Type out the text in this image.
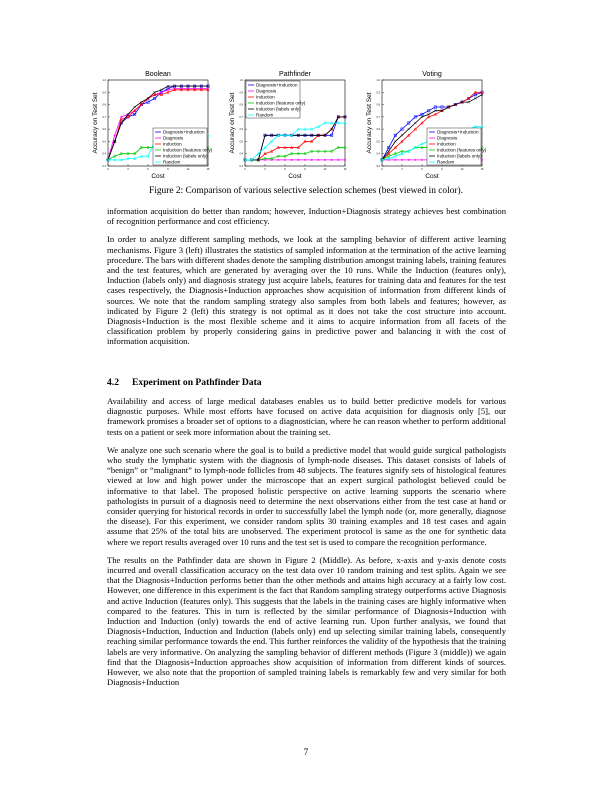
Boolean
0.3
0.4
0.5
0.6
0.7
0.8
0.9
1.0
0	3	6	9	12	15
Cost
Accuracy on Test Set	Diagnosis+Induction
Diagnosis
Induction
Induction (features only)
Induction (labels only)
Random
Pathfinder
0.3
0.4
0.5
0.6
0.7
0.8
0.9
1.0
0	3	6	9	12	15
Cost
Accuracy on Test Set
Diagnosis+Induction
Diagnosis
Induction
Induction (features only)
Induction (labels only)
Random
Voting
0.3
0.4
0.5
0.6
0.7
0.8
0.9
1.0
0	3	6	9	12	15
Cost
Accuracy on Test Set	Diagnosis+Induction
Diagnosis
Induction
Induction (features only)
Induction (labels only)
Random
Figure 2: Comparison of various selective selection schemes (best viewed in color).

information acquisition do better than random; however, Induction+Diagnosis strategy achieves best combination of recognition performance and cost efficiency.

In order to analyze different sampling methods, we look at the sampling behavior of different active learning mechanisms. Figure 3 (left) illustrates the statistics of sampled information at the termination of the active learning procedure. The bars with different shades denote the sampling distribution amongst training labels, training features and the test features, which are generated by averaging over the 10 runs. While the Induction (features only), Induction (labels only) and diagnosis strategy just acquire labels, features for training data and features for the test cases respectively, the Diagnosis+Induction approaches show acquisition of information from different kinds of sources. We note that the random sampling strategy also samples from both labels and features; however, as indicated by Figure 2 (left) this strategy is not optimal as it does not take the cost structure into account. Diagnosis+Induction is the most flexible scheme and it aims to acquire information from all facets of the classification problem by properly considering gains in predictive power and balancing it with the cost of information acquisition.

4.2 Experiment on Pathfinder Data

Availability and access of large medical databases enables us to build better predictive models for various diagnostic purposes. While most efforts have focused on active data acquisition for diagnosis only [5], our framework promises a broader set of options to a diagnostician, where he can reason whether to perform additional tests on a patient or seek more information about the training set.

We analyze one such scenario where the goal is to build a predictive model that would guide surgical pathologists who study the lymphatic system with the diagnosis of lymph-node diseases. This dataset consists of labels of “benign” or “malignant” to lymph-node follicles from 48 subjects. The features signify sets of histological features viewed at low and high power under the microscope that an expert surgical pathologist believed could be informative to that label. The proposed holistic perspective on active learning supports the scenario where pathologists in pursuit of a diagnosis need to determine the next observations either from the test case at hand or consider querying for historical records in order to successfully label the lymph node (or, more generally, diagnose the disease). For this experiment, we consider random splits 30 training examples and 18 test cases and again assume that 25% of the total bits are unobserved. The experiment protocol is same as the one for synthetic data where we report results averaged over 10 runs and the test set is used to compare the recognition performance.

The results on the Pathfinder data are shown in Figure 2 (Middle). As before, x-axis and y-axis denote costs incurred and overall classification accuracy on the test data over 10 random training and test splits. Again we see that the Diagnosis+Induction performs better than the other methods and attains high accuracy at a fairly low cost. However, one difference in this experiment is the fact that Random sampling strategy outperforms active Diagnosis and active Induction (features only). This suggests that the labels in the training cases are highly informative when compared to the features. This in turn is reflected by the similar performance of Diagnosis+Induction with Induction and Induction (only) towards the end of active learning run. Upon further analysis, we found that Diagnosis+Induction, Induction and Induction (labels only) end up selecting similar training labels, consequently reaching similar performance towards the end. This further reinforces the validity of the hypothesis that the training labels are very informative. On analyzing the sampling behavior of different methods (Figure 3 (middle)) we again find that the Diagnosis+Induction approaches show acquisition of information from different kinds of sources. However, we also note that the proportion of sampled training labels is remarkably few and very similar for both Diagnosis+Induction

7
